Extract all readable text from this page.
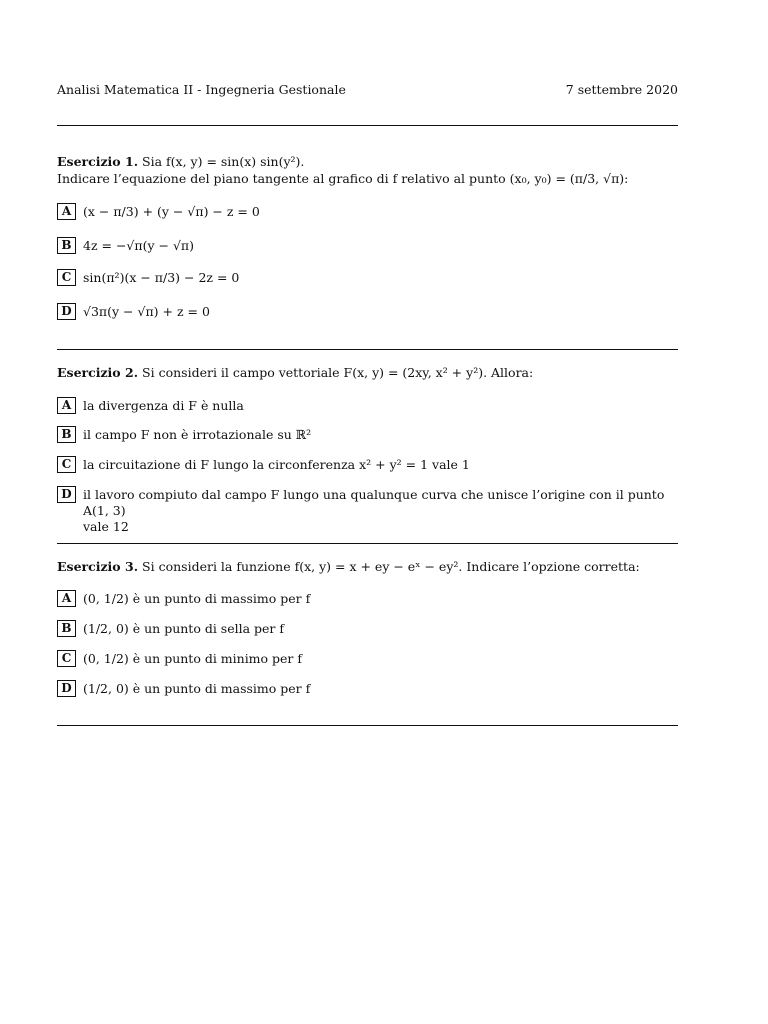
Analisi Matematica II - Ingegneria Gestionale	7 settembre 2020
Esercizio 1. Sia f(x, y) = sin(x) sin(y²).
Indicare l’equazione del piano tangente al grafico di f relativo al punto (x₀, y₀) = (π/3, √π):
A (x − π/3) + (y − √π) − z = 0
B 4z = −√π(y − √π)
C sin(π²)(x − π/3) − 2z = 0
D √3π(y − √π) + z = 0
Esercizio 2. Si consideri il campo vettoriale F(x, y) = (2xy, x² + y²). Allora:
A la divergenza di F è nulla
B il campo F non è irrotazionale su ℝ²
C la circuitazione di F lungo la circonferenza x² + y² = 1 vale 1
D il lavoro compiuto dal campo F lungo una qualunque curva che unisce l’origine con il punto A(1, 3)
vale 12
Esercizio 3. Si consideri la funzione f(x, y) = x + ey − eˣ − ey². Indicare l’opzione corretta:
A (0, 1/2) è un punto di massimo per f
B (1/2, 0) è un punto di sella per f
C (0, 1/2) è un punto di minimo per f
D (1/2, 0) è un punto di massimo per f
